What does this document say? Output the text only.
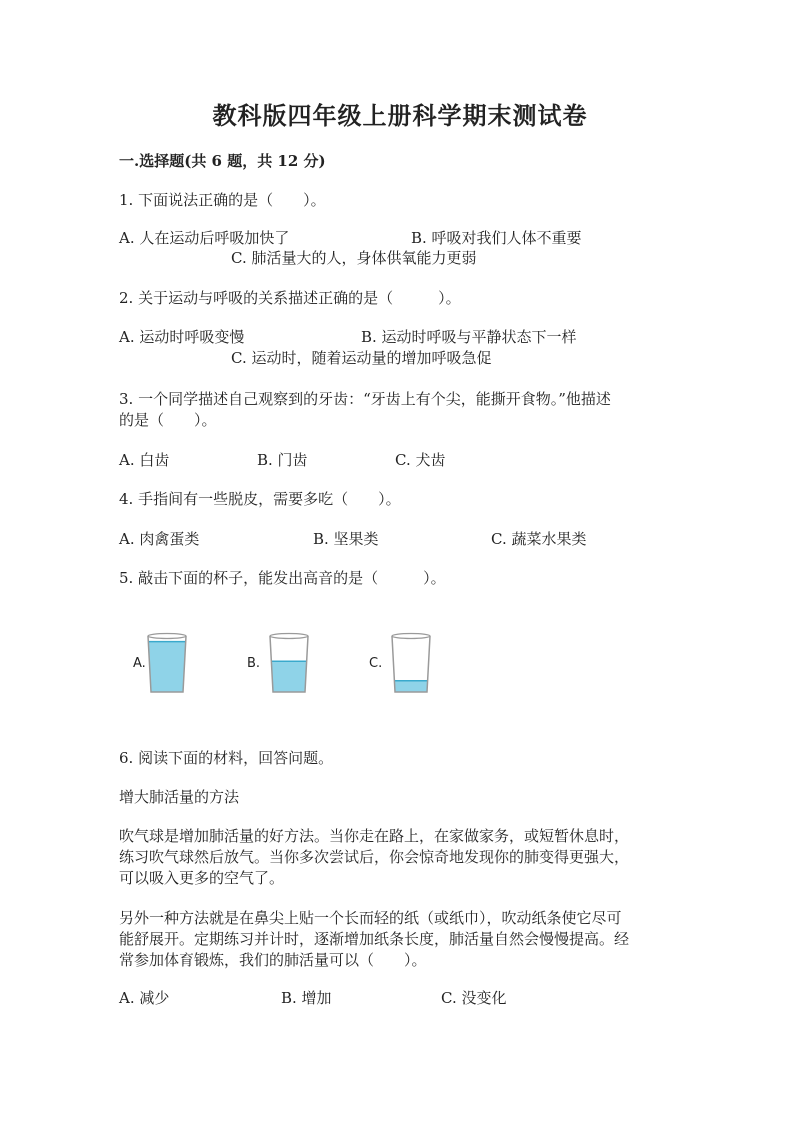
教科版四年级上册科学期末测试卷
一.选择题(共 6 题，共 12 分)
1. 下面说法正确的是（　　）。
A. 人在运动后呼吸加快了	B. 呼吸对我们人体不重要
C. 肺活量大的人，身体供氧能力更弱
2. 关于运动与呼吸的关系描述正确的是（　　　）。
A. 运动时呼吸变慢	B. 运动时呼吸与平静状态下一样
C. 运动时，随着运动量的增加呼吸急促
3. 一个同学描述自己观察到的牙齿：“牙齿上有个尖，能撕开食物。”他描述
的是（　　）。
A. 白齿	B. 门齿	C. 犬齿
4. 手指间有一些脱皮，需要多吃（　　）。
A. 肉禽蛋类	B. 坚果类	C. 蔬菜水果类
5. 敲击下面的杯子，能发出高音的是（　　　）。
A.	B.	C.
6. 阅读下面的材料，回答问题。
增大肺活量的方法
吹气球是增加肺活量的好方法。当你走在路上，在家做家务，或短暂休息时，
练习吹气球然后放气。当你多次尝试后，你会惊奇地发现你的肺变得更强大，
可以吸入更多的空气了。
另外一种方法就是在鼻尖上贴一个长而轻的纸（或纸巾），吹动纸条使它尽可
能舒展开。定期练习并计时，逐渐增加纸条长度，肺活量自然会慢慢提高。经
常参加体育锻炼，我们的肺活量可以（　　）。
A. 减少	B. 增加	C. 没变化
